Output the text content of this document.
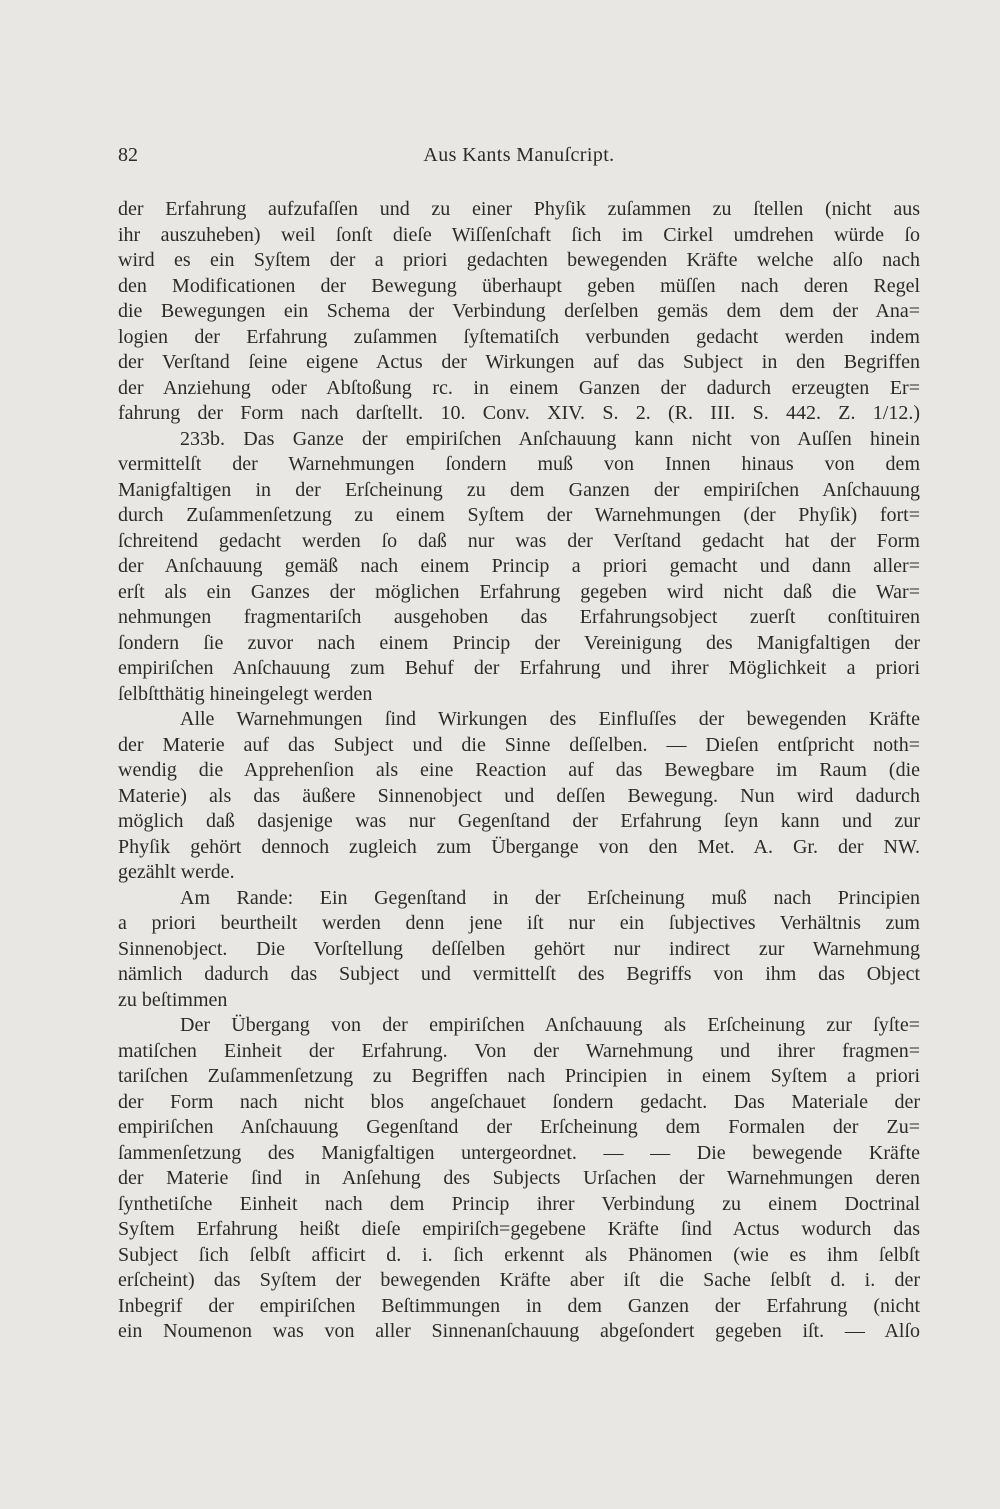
82	Aus Kants Manuſcript.
der Erfahrung aufzufaſſen und zu einer Phyſik zuſammen zu ſtellen (nicht aus
ihr auszuheben) weil ſonſt dieſe Wiſſenſchaft ſich im Cirkel umdrehen würde ſo
wird es ein Syſtem der a priori gedachten bewegenden Kräfte welche alſo nach
den Modificationen der Bewegung überhaupt geben müſſen nach deren Regel
die Bewegungen ein Schema der Verbindung derſelben gemäs dem dem der Ana=
logien der Erfahrung zuſammen ſyſtematiſch verbunden gedacht werden indem
der Verſtand ſeine eigene Actus der Wirkungen auf das Subject in den Begriffen
der Anziehung oder Abſtoßung rc. in einem Ganzen der dadurch erzeugten Er=
fahrung der Form nach darſtellt. 10. Conv. XIV. S. 2. (R. III. S. 442. Z. 1/12.)
233b. Das Ganze der empiriſchen Anſchauung kann nicht von Auſſen hinein
vermittelſt der Warnehmungen ſondern muß von Innen hinaus von dem
Manigfaltigen in der Erſcheinung zu dem Ganzen der empiriſchen Anſchauung
durch Zuſammenſetzung zu einem Syſtem der Warnehmungen (der Phyſik) fort=
ſchreitend gedacht werden ſo daß nur was der Verſtand gedacht hat der Form
der Anſchauung gemäß nach einem Princip a priori gemacht und dann aller=
erſt als ein Ganzes der möglichen Erfahrung gegeben wird nicht daß die War=
nehmungen fragmentariſch ausgehoben das Erfahrungsobject zuerſt conſtituiren
ſondern ſie zuvor nach einem Princip der Vereinigung des Manigfaltigen der
empiriſchen Anſchauung zum Behuf der Erfahrung und ihrer Möglichkeit a priori
ſelbſtthätig hineingelegt werden
Alle Warnehmungen ſind Wirkungen des Einfluſſes der bewegenden Kräfte
der Materie auf das Subject und die Sinne deſſelben. — Dieſen entſpricht noth=
wendig die Apprehenſion als eine Reaction auf das Bewegbare im Raum (die
Materie) als das äußere Sinnenobject und deſſen Bewegung. Nun wird dadurch
möglich daß dasjenige was nur Gegenſtand der Erfahrung ſeyn kann und zur
Phyſik gehört dennoch zugleich zum Übergange von den Met. A. Gr. der NW.
gezählt werde.
Am Rande: Ein Gegenſtand in der Erſcheinung muß nach Principien
a priori beurtheilt werden denn jene iſt nur ein ſubjectives Verhältnis zum
Sinnenobject. Die Vorſtellung deſſelben gehört nur indirect zur Warnehmung
nämlich dadurch das Subject und vermittelſt des Begriffs von ihm das Object
zu beſtimmen
Der Übergang von der empiriſchen Anſchauung als Erſcheinung zur ſyſte=
matiſchen Einheit der Erfahrung. Von der Warnehmung und ihrer fragmen=
tariſchen Zuſammenſetzung zu Begriffen nach Principien in einem Syſtem a priori
der Form nach nicht blos angeſchauet ſondern gedacht. Das Materiale der
empiriſchen Anſchauung Gegenſtand der Erſcheinung dem Formalen der Zu=
ſammenſetzung des Manigfaltigen untergeordnet. — — Die bewegende Kräfte
der Materie ſind in Anſehung des Subjects Urſachen der Warnehmungen deren
ſynthetiſche Einheit nach dem Princip ihrer Verbindung zu einem Doctrinal
Syſtem Erfahrung heißt dieſe empiriſch=gegebene Kräfte ſind Actus wodurch das
Subject ſich ſelbſt afficirt d. i. ſich erkennt als Phänomen (wie es ihm ſelbſt
erſcheint) das Syſtem der bewegenden Kräfte aber iſt die Sache ſelbſt d. i. der
Inbegrif der empiriſchen Beſtimmungen in dem Ganzen der Erfahrung (nicht
ein Noumenon was von aller Sinnenanſchauung abgeſondert gegeben iſt. — Alſo
